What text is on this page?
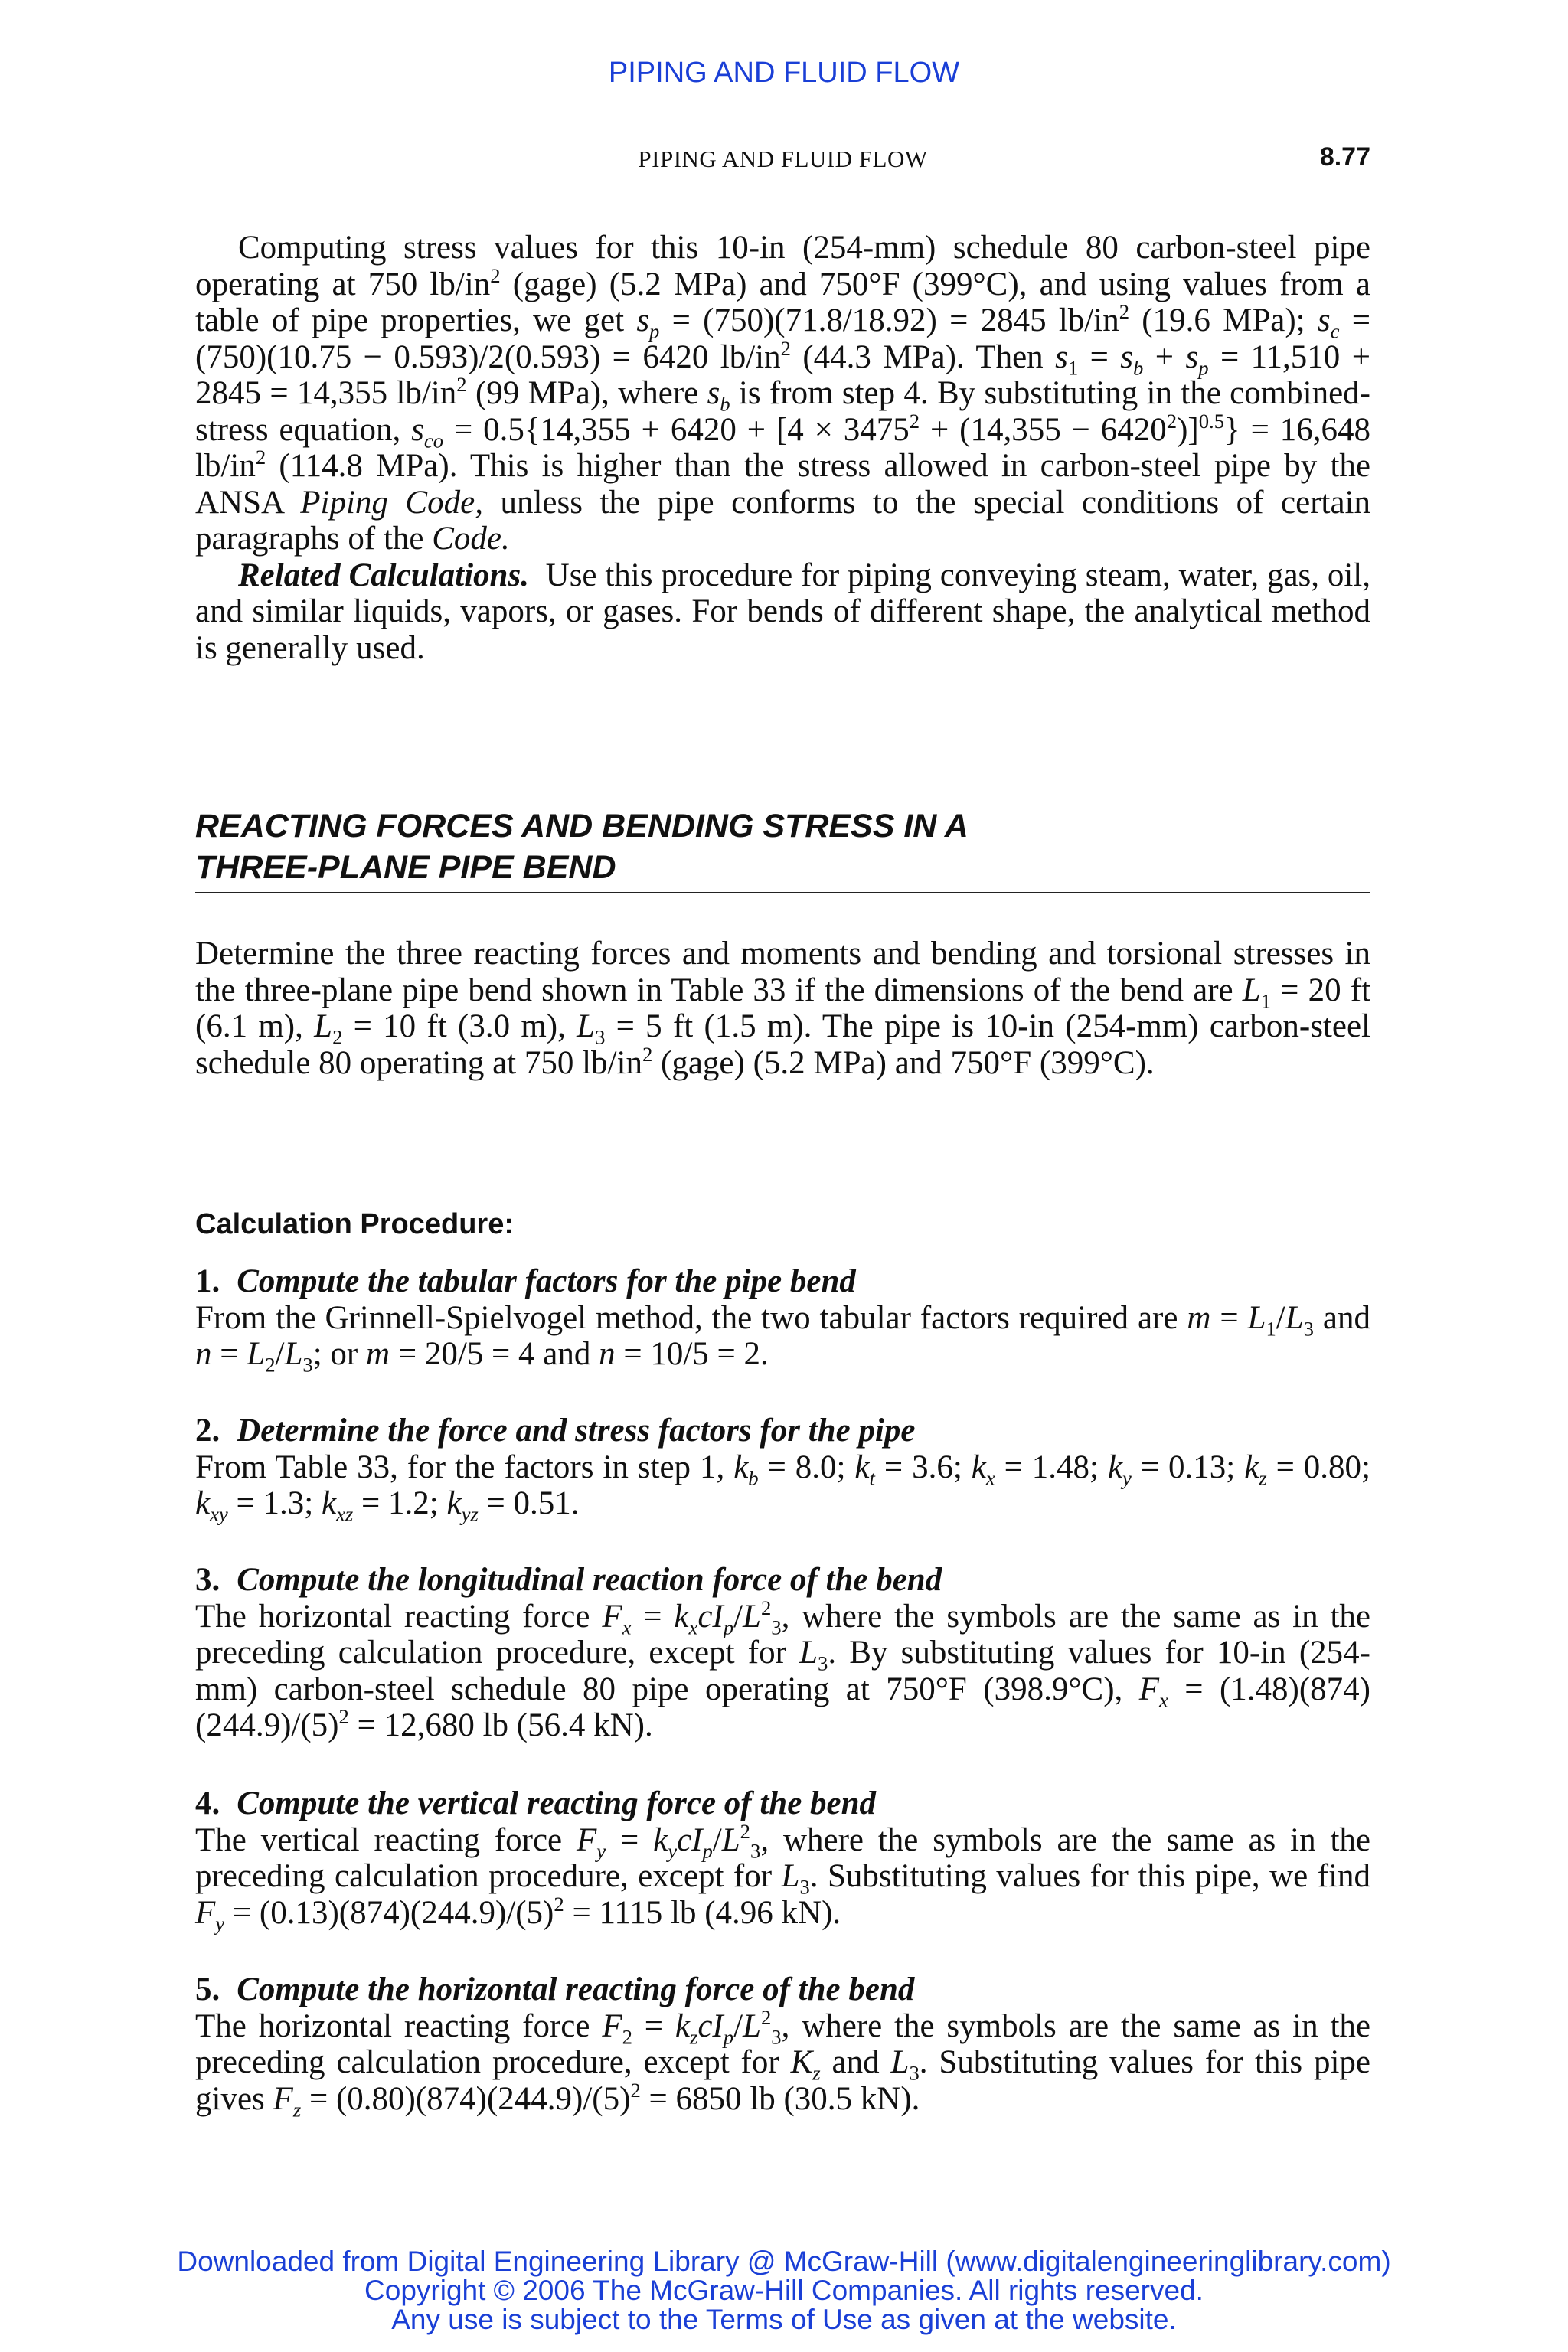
PIPING AND FLUID FLOW
PIPING AND FLUID FLOW	8.77

Computing stress values for this 10-in (254-mm) schedule 80 carbon-steel pipe operating at 750 $lb/in^2$ (gage) (5.2 MPa) and 750°F (399°C), and using values from a table of pipe properties, we get $s_p = (750)(71.8/18.92) = 2845$ $lb/in^2$ (19.6 MPa); $s_c = (750)(10.75 - 0.593)/2(0.593) = 6420$ $lb/in^2$ (44.3 MPa). Then $s_1 = s_b + s_p = 11,510 + 2845 = 14,355$ $lb/in^2$ (99 MPa), where $s_b$ is from step 4. By substituting in the combined-stress equation, $s_{co} = 0.5\{14,355 + 6420 + [4 \times 3475^2 + (14,355 - 6420^2)]^{0.5}\} = 16,648$ $lb/in^2$ (114.8 MPa). This is higher than the stress allowed in carbon-steel pipe by the ANSA Piping Code, unless the pipe conforms to the special conditions of certain paragraphs of the Code.

Related Calculations. Use this procedure for piping conveying steam, water, gas, oil, and similar liquids, vapors, or gases. For bends of different shape, the analytical method is generally used.

REACTING FORCES AND BENDING STRESS IN A
THREE-PLANE PIPE BEND

Determine the three reacting forces and moments and bending and torsional stresses in the three-plane pipe bend shown in Table 33 if the dimensions of the bend are $L_1 = 20$ ft (6.1 m), $L_2 = 10$ ft (3.0 m), $L_3 = 5$ ft (1.5 m). The pipe is 10-in (254-mm) carbon-steel schedule 80 operating at 750 $lb/in^2$ (gage) (5.2 MPa) and 750°F (399°C).

Calculation Procedure:

1. Compute the tabular factors for the pipe bend

From the Grinnell-Spielvogel method, the two tabular factors required are $m = L_1/L_3$ and $n = L_2/L_3$; or m = 20/5 = 4 and n = 10/5 = 2.

2. Determine the force and stress factors for the pipe

From Table 33, for the factors in step 1, $k_b = 8.0$; $k_t = 3.6$; $k_x = 1.48$; $k_y = 0.13$; $k_z = 0.80$; $k_{xy} = 1.3$; $k_{xz} = 1.2$; $k_{yz} = 0.51$.

3. Compute the longitudinal reaction force of the bend

The horizontal reacting force $F_x = k_xcI_p/L^2_3$, where the symbols are the same as in the preceding calculation procedure, except for $L_3$. By substituting values for 10-in (254-mm) carbon-steel schedule 80 pipe operating at 750°F (398.9°C), $F_x = (1.48)(874)(244.9)/(5)^2 = 12,680$ lb (56.4 kN).

4. Compute the vertical reacting force of the bend

The vertical reacting force $F_y = k_ycI_p/L^2_3$, where the symbols are the same as in the preceding calculation procedure, except for $L_3$. Substituting values for this pipe, we find $F_y = (0.13)(874)(244.9)/(5)^2 = 1115$ lb (4.96 kN).

5. Compute the horizontal reacting force of the bend

The horizontal reacting force $F_2 = k_zcI_p/L^2_3$, where the symbols are the same as in the preceding calculation procedure, except for $K_z$ and $L_3$. Substituting values for this pipe gives $F_z = (0.80)(874)(244.9)/(5)^2 = 6850$ lb (30.5 kN).

Downloaded from Digital Engineering Library @ McGraw-Hill (www.digitalengineeringlibrary.com)
Copyright © 2006 The McGraw-Hill Companies. All rights reserved.
Any use is subject to the Terms of Use as given at the website.
